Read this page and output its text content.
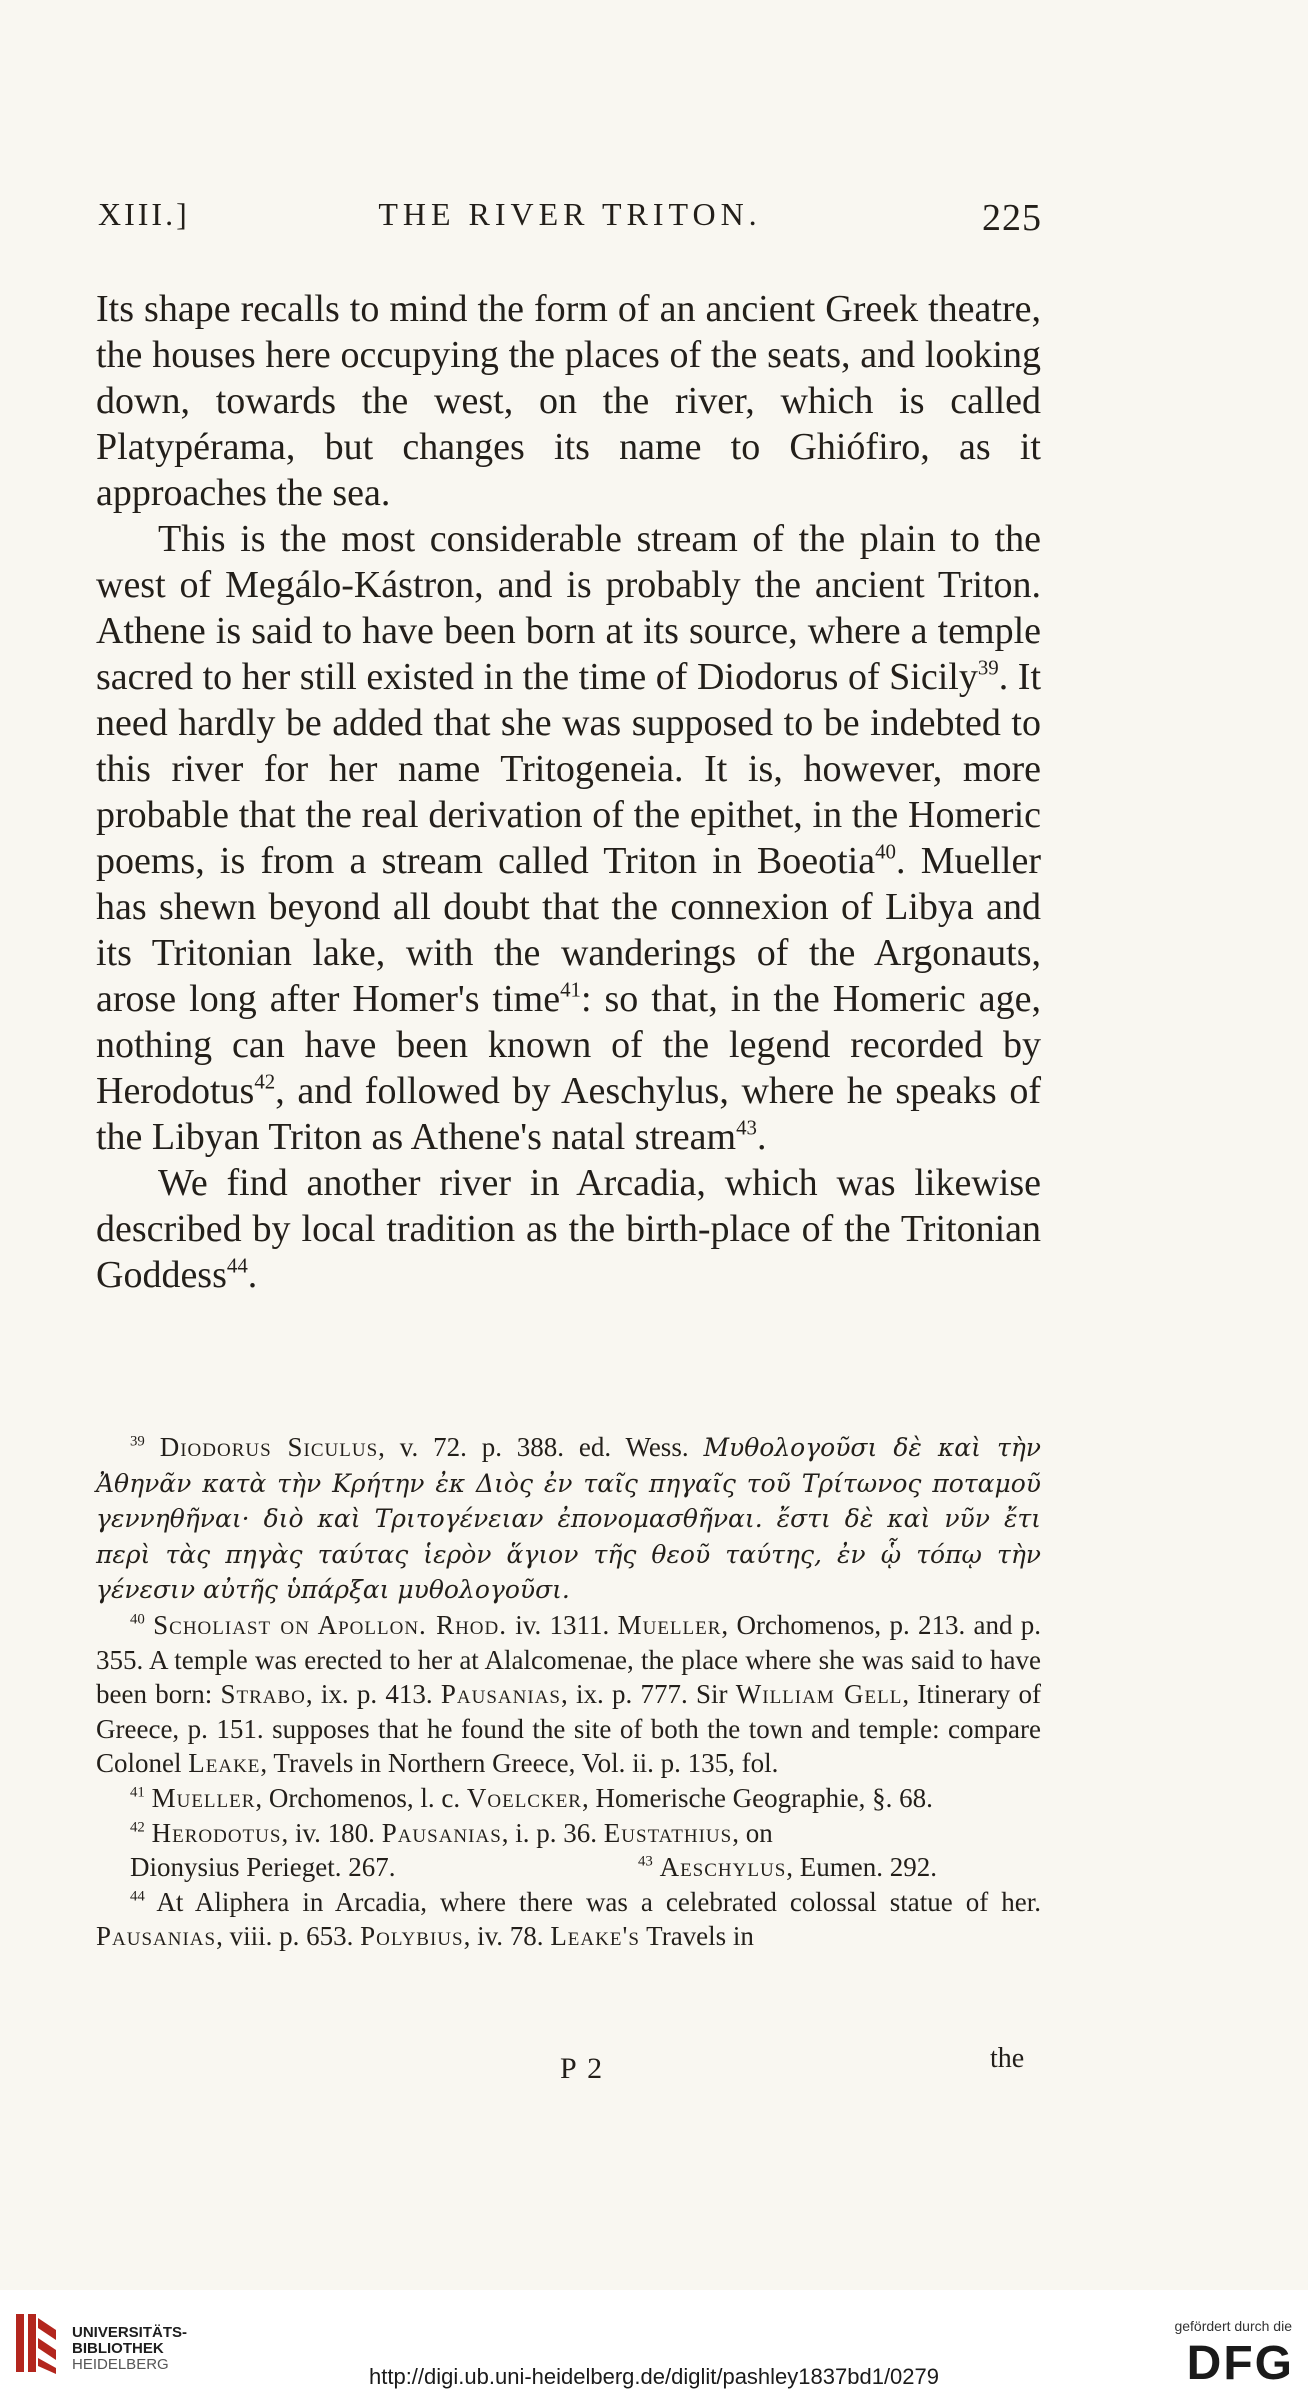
XIII.]	THE RIVER TRITON.	225

Its shape recalls to mind the form of an ancient Greek theatre, the houses here occupying the places of the seats, and looking down, towards the west, on the river, which is called Platypérama, but changes its name to Ghiófiro, as it approaches the sea.

This is the most considerable stream of the plain to the west of Megálo-Kástron, and is probably the ancient Triton. Athene is said to have been born at its source, where a temple sacred to her still existed in the time of Diodorus of Sicily$^{39}$. It need hardly be added that she was supposed to be indebted to this river for her name Tritogeneia. It is, however, more probable that the real derivation of the epithet, in the Homeric poems, is from a stream called Triton in Boeotia$^{40}$. Mueller has shewn beyond all doubt that the connexion of Libya and its Tritonian lake, with the wanderings of the Argonauts, arose long after Homer's time$^{41}$: so that, in the Homeric age, nothing can have been known of the legend recorded by Herodotus$^{42}$, and followed by Aeschylus, where he speaks of the Libyan Triton as Athene's natal stream$^{43}$.

We find another river in Arcadia, which was likewise described by local tradition as the birth-place of the Tritonian Goddess$^{44}$.

$^{39}$ Diodorus Siculus, v. 72. p. 388. ed. Wess. Μυθολογοῦσι δὲ καὶ τὴν Ἀθηνᾶν κατὰ τὴν Κρήτην ἐκ Διὸς ἐν ταῖς πηγαῖς τοῦ Τρίτωνος ποταμοῦ γεννηθῆναι· διὸ καὶ Τριτογένειαν ἐπονομασθῆναι. ἔστι δὲ καὶ νῦν ἔτι περὶ τὰς πηγὰς ταύτας ἱερὸν ἅγιον τῆς θεοῦ ταύτης, ἐν ᾧ τόπῳ τὴν γένεσιν αὐτῆς ὑπάρξαι μυθολογοῦσι.

$^{40}$ Scholiast on Apollon. Rhod. iv. 1311. Mueller, Orchomenos, p. 213. and p. 355. A temple was erected to her at Alalcomenae, the place where she was said to have been born: Strabo, ix. p. 413. Pausanias, ix. p. 777. Sir William Gell, Itinerary of Greece, p. 151. supposes that he found the site of both the town and temple: compare Colonel Leake, Travels in Northern Greece, Vol. ii. p. 135, fol.

$^{41}$ Mueller, Orchomenos, l. c. Voelcker, Homerische Geographie, §. 68.

$^{42}$ Herodotus, iv. 180. Pausanias, i. p. 36. Eustathius, on

Dionysius Perieget. 267.	$^{43}$ Aeschylus, Eumen. 292.

$^{44}$ At Aliphera in Arcadia, where there was a celebrated colossal statue of her. Pausanias, viii. p. 653. Polybius, iv. 78. Leake's Travels in

P 2	the
UNIVERSITÄTS-
BIBLIOTHEK
HEIDELBERG	http://digi.ub.uni-heidelberg.de/diglit/pashley1837bd1/0279
gefördert durch die
DFG
